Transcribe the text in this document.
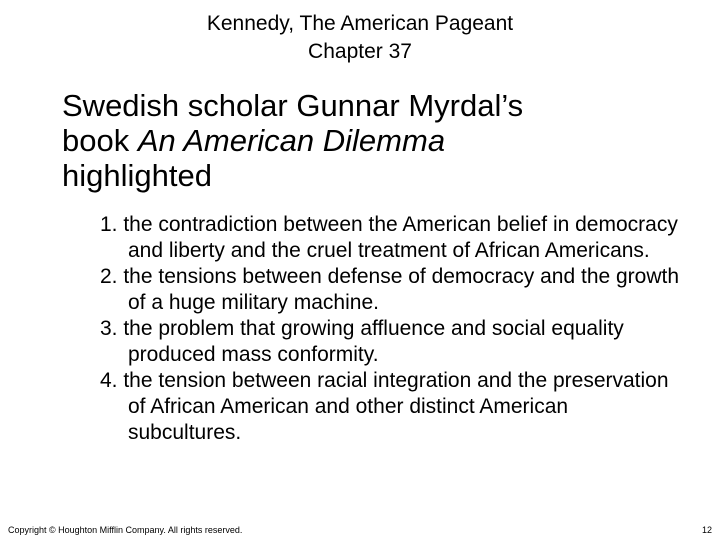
Kennedy, The American Pageant
Chapter 37
Swedish scholar Gunnar Myrdal’s
book An American Dilemma
highlighted
1. the contradiction between the American belief in democracy and liberty and the cruel treatment of African Americans.
2. the tensions between defense of democracy and the growth of a huge military machine.
3. the problem that growing affluence and social equality produced mass conformity.
4. the tension between racial integration and the preservation of African American and other distinct American subcultures.
Copyright © Houghton Mifflin Company. All rights reserved.	12
